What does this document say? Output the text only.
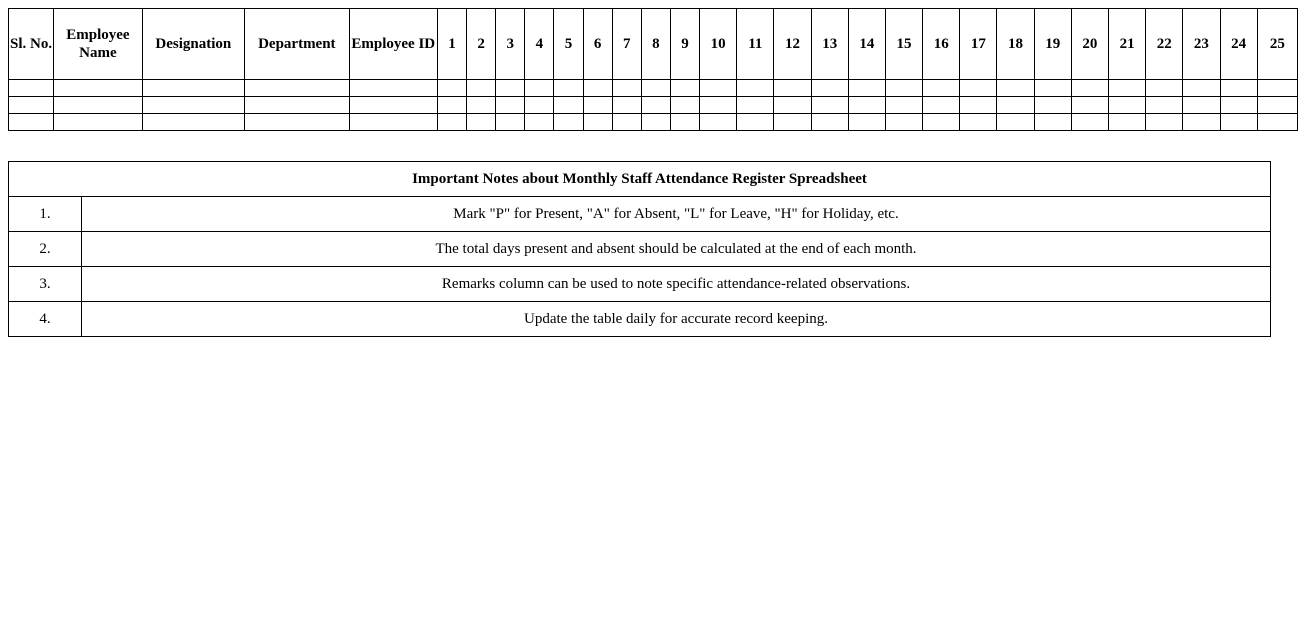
Sl. No.	Employee Name	Designation	Department	Employee ID	1	2	3	4	5	6	7	8	9	10	11	12	13	14	15	16	17	18	19	20	21	22	23	24	25

Important Notes about Monthly Staff Attendance Register Spreadsheet	
1.	Mark "P" for Present, "A" for Absent, "L" for Leave, "H" for Holiday, etc.
2.	The total days present and absent should be calculated at the end of each month.
3.	Remarks column can be used to note specific attendance-related observations.
4.	Update the table daily for accurate record keeping.
